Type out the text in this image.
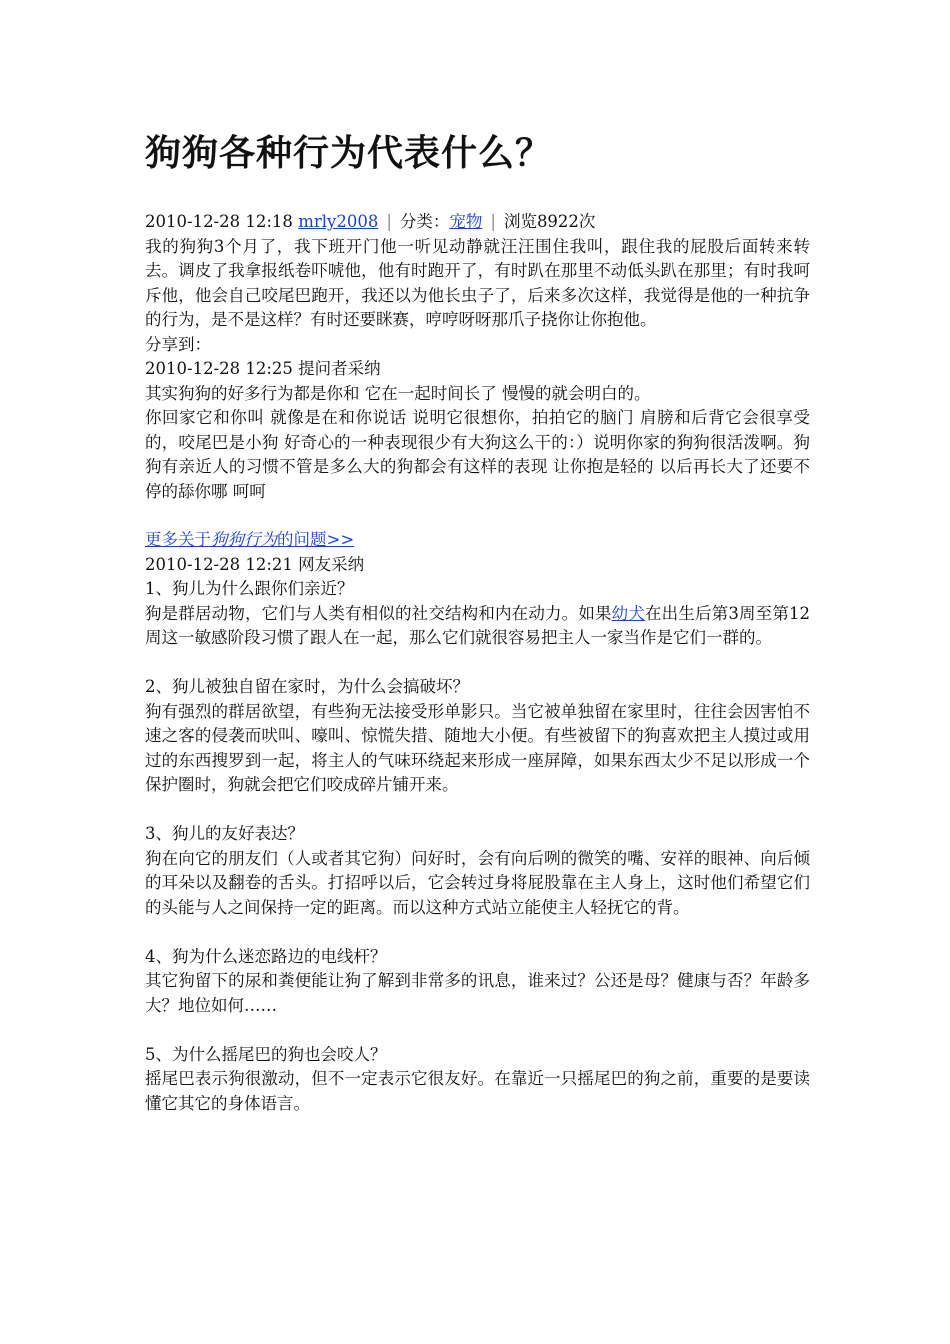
狗狗各种行为代表什么？
2010-12-28 12:18 mrly2008 | 分类：宠物 | 浏览8922次

我的狗狗3个月了，我下班开门他一听见动静就汪汪围住我叫，跟住我的屁股后面转来转去。调皮了我拿报纸卷吓唬他，他有时跑开了，有时趴在那里不动低头趴在那里；有时我呵斥他，他会自己咬尾巴跑开，我还以为他长虫子了，后来多次这样，我觉得是他的一种抗争的行为，是不是这样？有时还要眯赛，哼哼呀呀那爪子挠你让你抱他。

分享到：
2010-12-28 12:25 提问者采纳

其实狗狗的好多行为都是你和 它在一起时间长了 慢慢的就会明白的。

你回家它和你叫 就像是在和你说话 说明它很想你，拍拍它的脑门 肩膀和后背它会很享受的，咬尾巴是小狗 好奇心的一种表现很少有大狗这么干的：）说明你家的狗狗很活泼啊。狗狗有亲近人的习惯不管是多么大的狗都会有这样的表现 让你抱是轻的 以后再长大了还要不停的舔你哪 呵呵

更多关于狗狗行为的问题>>
2010-12-28 12:21 网友采纳
1、狗儿为什么跟你们亲近？

狗是群居动物，它们与人类有相似的社交结构和内在动力。如果幼犬在出生后第3周至第12周这一敏感阶段习惯了跟人在一起，那么它们就很容易把主人一家当作是它们一群的。

2、狗儿被独自留在家时，为什么会搞破坏？

狗有强烈的群居欲望，有些狗无法接受形单影只。当它被单独留在家里时，往往会因害怕不速之客的侵袭而吠叫、嚎叫、惊慌失措、随地大小便。有些被留下的狗喜欢把主人摸过或用过的东西搜罗到一起，将主人的气味环绕起来形成一座屏障，如果东西太少不足以形成一个保护圈时，狗就会把它们咬成碎片铺开来。

3、狗儿的友好表达？

狗在向它的朋友们（人或者其它狗）问好时，会有向后咧的微笑的嘴、安祥的眼神、向后倾的耳朵以及翻卷的舌头。打招呼以后，它会转过身将屁股靠在主人身上，这时他们希望它们的头能与人之间保持一定的距离。而以这种方式站立能使主人轻抚它的背。

4、狗为什么迷恋路边的电线杆？

其它狗留下的尿和粪便能让狗了解到非常多的讯息，谁来过？公还是母？健康与否？年龄多大？地位如何……

5、为什么摇尾巴的狗也会咬人？

摇尾巴表示狗很激动，但不一定表示它很友好。在靠近一只摇尾巴的狗之前，重要的是要读懂它其它的身体语言。
